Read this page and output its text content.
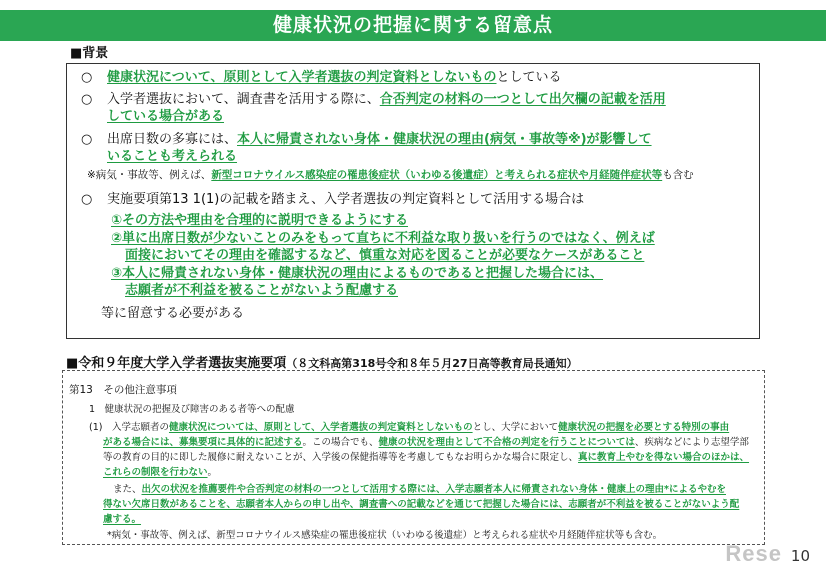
健康状況の把握に関する留意点
■背景
○ 健康状況について、原則として入学者選抜の判定資料としないものとしている
○ 入学者選抜において、調査書を活用する際に、合否判定の材料の一つとして出欠欄の記載を活用
している場合がある
○ 出席日数の多寡には、本人に帰責されない身体・健康状況の理由(病気・事故等※)が影響して
いることも考えられる
※病気・事故等、例えば、新型コロナウイルス感染症の罹患後症状（いわゆる後遺症）と考えられる症状や月経随伴症状等も含む
○ 実施要項第13 1(1)の記載を踏まえ、入学者選抜の判定資料として活用する場合は
①その方法や理由を合理的に説明できるようにする
②単に出席日数が少ないことのみをもって直ちに不利益な取り扱いを行うのではなく、例えば
面接においてその理由を確認するなど、慎重な対応を図ることが必要なケースがあること
③本人に帰責されない身体・健康状況の理由によるものであると把握した場合には、
志願者が不利益を被ることがないよう配慮する
等に留意する必要がある
■令和９年度大学入学者選抜実施要項（８文科高第318号令和８年５月27日高等教育局長通知）
第13　その他注意事項
1　健康状況の把握及び障害のある者等への配慮
(1)　入学志願者の健康状況については、原則として、入学者選抜の判定資料としないものとし、大学において健康状況の把握を必要とする特別の事由
がある場合には、募集要項に具体的に記述する。この場合でも、健康の状況を理由として不合格の判定を行うことについては、疾病などにより志望学部
等の教育の目的に即した履修に耐えないことが、入学後の保健指導等を考慮してもなお明らかな場合に限定し、真に教育上やむを得ない場合のほかは、
これらの制限を行わない。
また、出欠の状況を推薦要件や合否判定の材料の一つとして活用する際には、入学志願者本人に帰責されない身体・健康上の理由*によるやむを
得ない欠席日数があることを、志願者本人からの申し出や、調査書への記載などを通じて把握した場合には、志願者が不利益を被ることがないよう配
慮する。
*病気・事故等、例えば、新型コロナウイルス感染症の罹患後症状（いわゆる後遺症）と考えられる症状や月経随伴症状等も含む。
Rese 10
